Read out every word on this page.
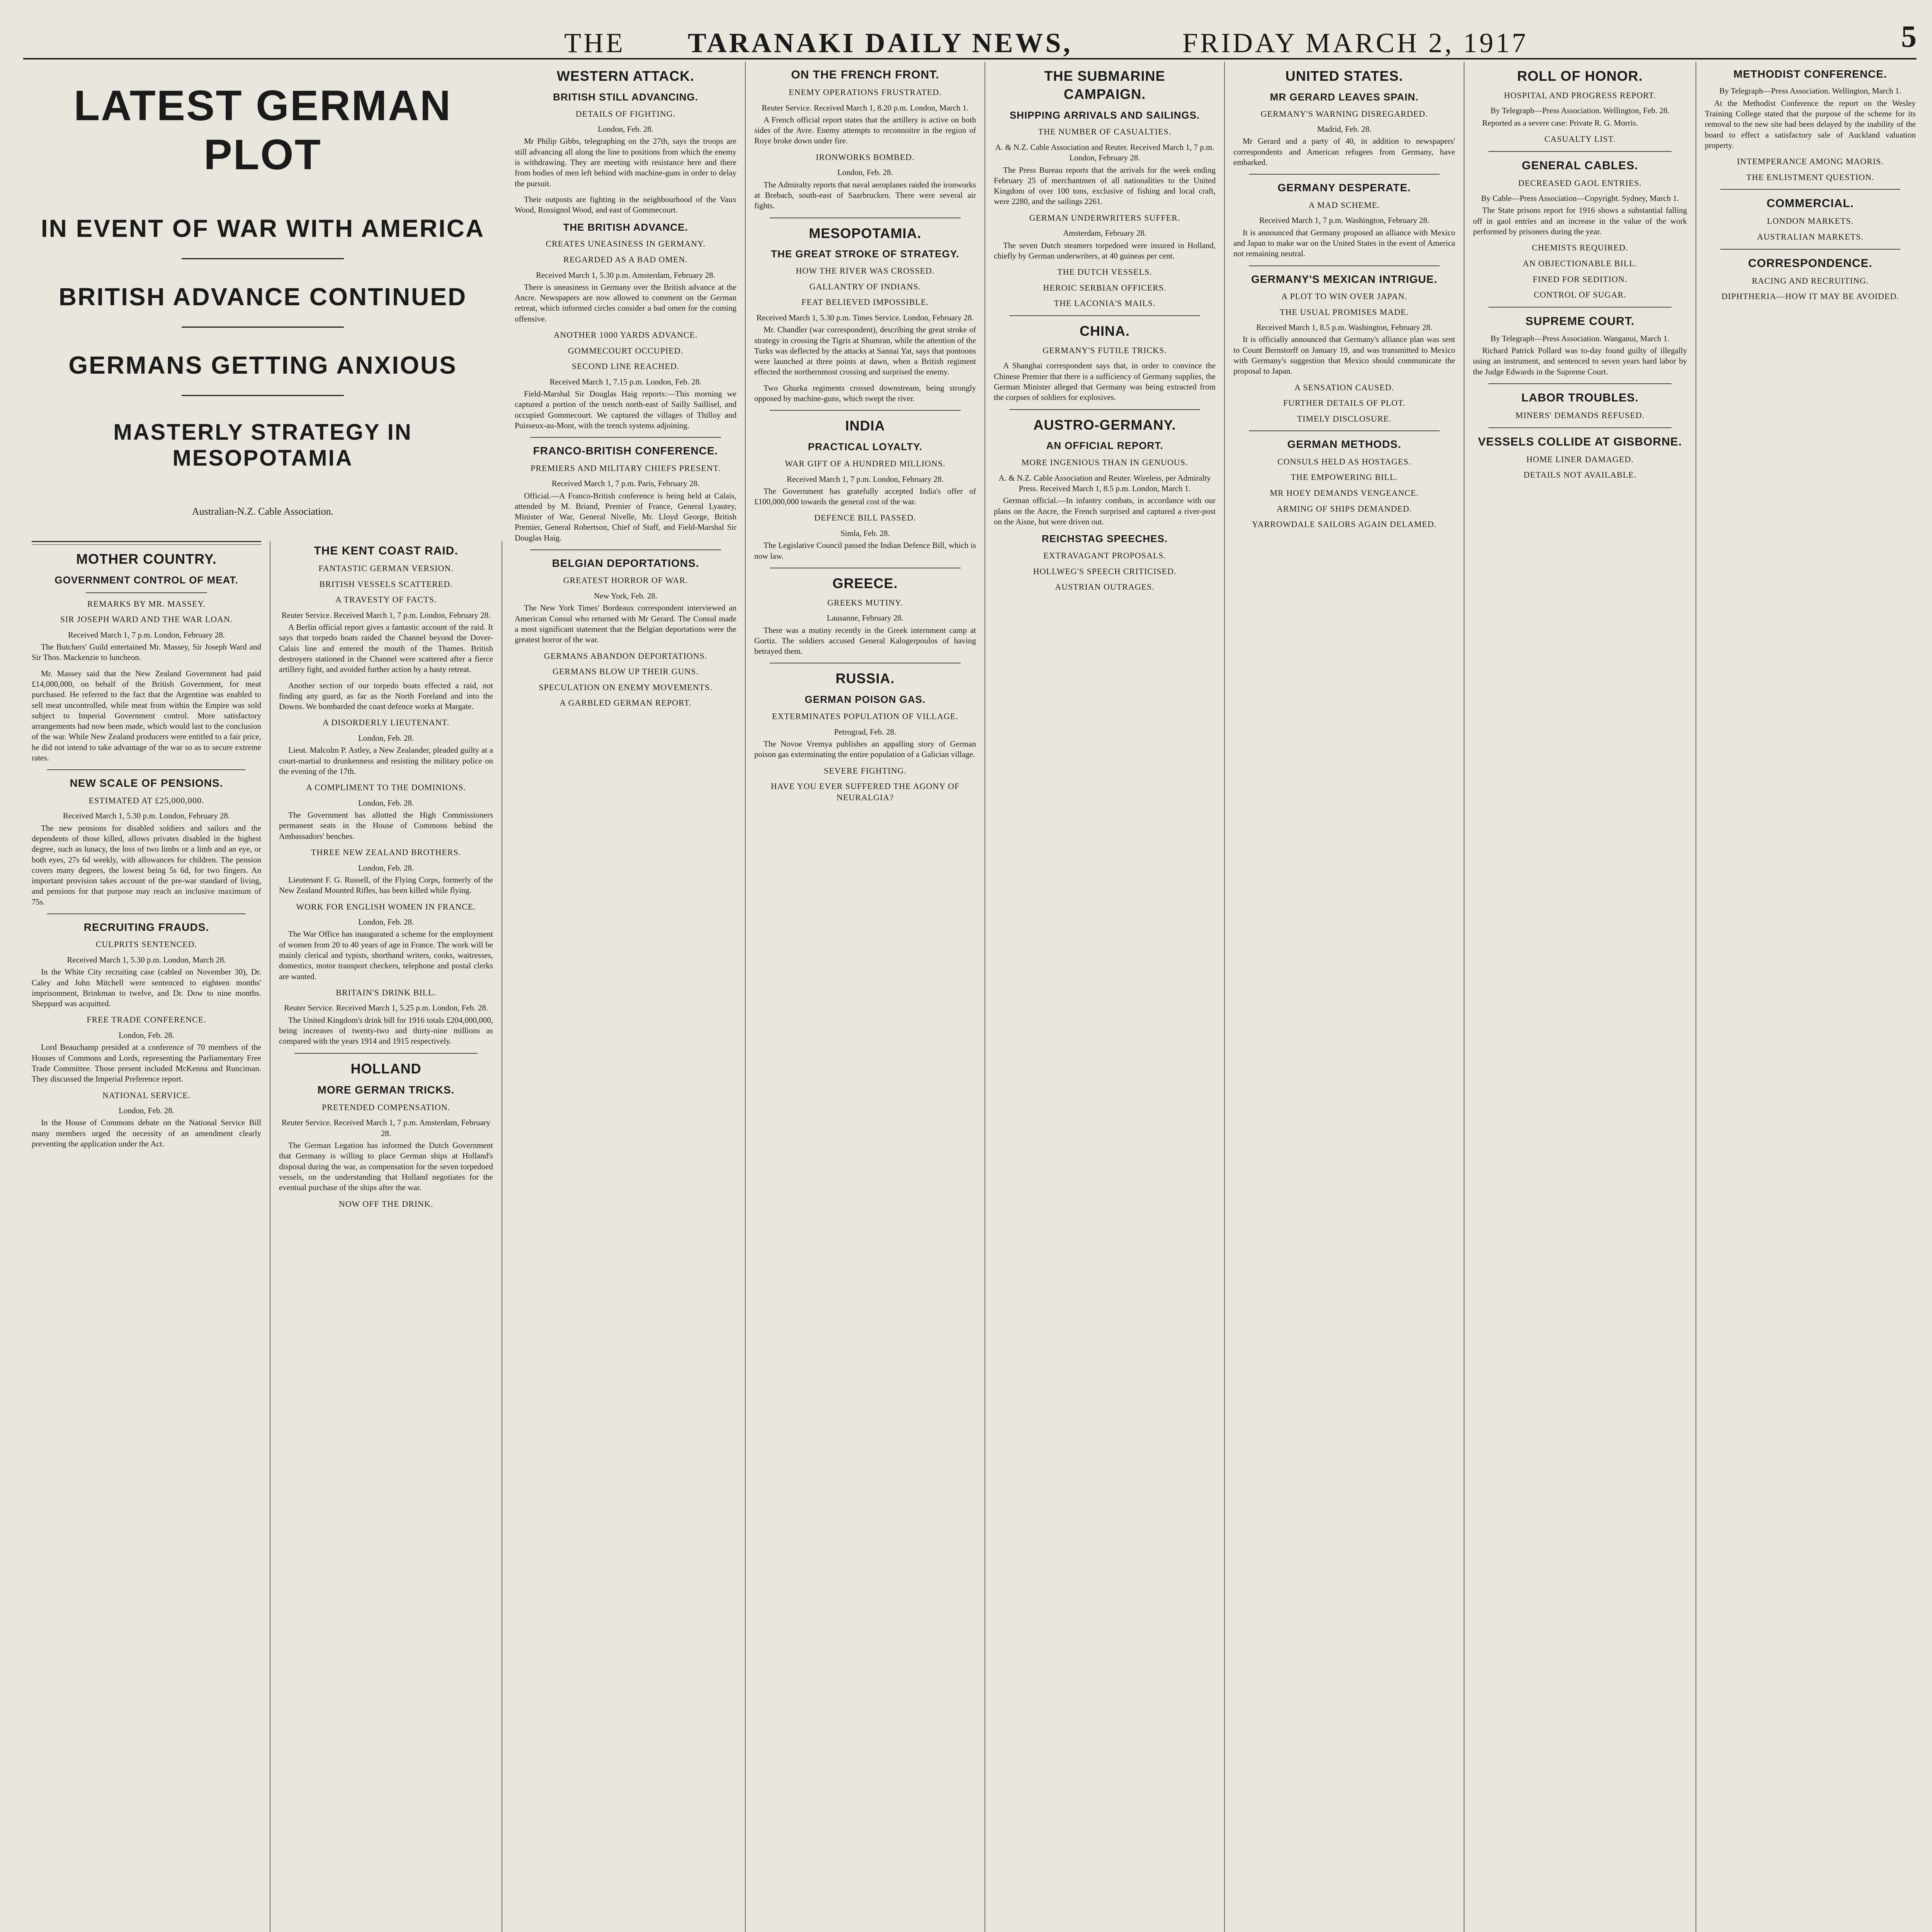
THE TARANAKI DAILY NEWS,	FRIDAY MARCH 2, 1917	5
LATEST GERMAN PLOT
IN EVENT OF WAR WITH AMERICA
BRITISH ADVANCE CONTINUED
GERMANS GETTING ANXIOUS
MASTERLY STRATEGY IN MESOPOTAMIA
Australian-N.Z. Cable Association.
MOTHER COUNTRY.
GOVERNMENT CONTROL OF MEAT.
REMARKS BY MR. MASSEY.
SIR JOSEPH WARD AND THE WAR LOAN.

Received March 1, 7 p.m. London, February 28.

The Butchers' Guild entertained Mr. Massey, Sir Joseph Ward and Sir Thos. Mackenzie to luncheon.

Mr. Massey said that the New Zealand Government had paid £14,000,000, on behalf of the British Government, for meat purchased. He referred to the fact that the Argentine was enabled to sell meat uncontrolled, while meat from within the Empire was sold subject to Imperial Government control. More satisfactory arrangements had now been made, which would last to the conclusion of the war. While New Zealand producers were entitled to a fair price, he did not intend to take advantage of the war so as to secure extreme rates.

NEW SCALE OF PENSIONS.
ESTIMATED AT £25,000,000.

Received March 1, 5.30 p.m. London, February 28.

The new pensions for disabled soldiers and sailors and the dependents of those killed, allows privates disabled in the highest degree, such as lunacy, the loss of two limbs or a limb and an eye, or both eyes, 27s 6d weekly, with allowances for children. The pension covers many degrees, the lowest being 5s 6d, for two fingers. An important provision takes account of the pre-war standard of living, and pensions for that purpose may reach an inclusive maximum of 75s.

RECRUITING FRAUDS.
CULPRITS SENTENCED.

Received March 1, 5.30 p.m. London, March 28.

In the White City recruiting case (cabled on November 30), Dr. Caley and John Mitchell were sentenced to eighteen months' imprisonment, Brinkman to twelve, and Dr. Dow to nine months. Sheppard was acquitted.

FREE TRADE CONFERENCE.

London, Feb. 28.

Lord Beauchamp presided at a conference of 70 members of the Houses of Commons and Lords, representing the Parliamentary Free Trade Committee. Those present included McKenna and Runciman. They discussed the Imperial Preference report.

NATIONAL SERVICE.

London, Feb. 28.

In the House of Commons debate on the National Service Bill many members urged the necessity of an amendment clearly preventing the application under the Act.

THE KENT COAST RAID.
FANTASTIC GERMAN VERSION.
BRITISH VESSELS SCATTERED.
A TRAVESTY OF FACTS.

Reuter Service. Received March 1, 7 p.m. London, February 28.

A Berlin official report gives a fantastic account of the raid. It says that torpedo boats raided the Channel beyond the Dover-Calais line and entered the mouth of the Thames. British destroyers stationed in the Channel were scattered after a fierce artillery fight, and avoided further action by a hasty retreat.

Another section of our torpedo boats effected a raid, not finding any guard, as far as the North Foreland and into the Downs. We bombarded the coast defence works at Margate.

A DISORDERLY LIEUTENANT.

London, Feb. 28.

Lieut. Malcolm P. Astley, a New Zealander, pleaded guilty at a court-martial to drunkenness and resisting the military police on the evening of the 17th.

A COMPLIMENT TO THE DOMINIONS.

London, Feb. 28.

The Government has allotted the High Commissioners permanent seats in the House of Commons behind the Ambassadors' benches.

THREE NEW ZEALAND BROTHERS.

London, Feb. 28.

Lieutenant F. G. Russell, of the Flying Corps, formerly of the New Zealand Mounted Rifles, has been killed while flying.

WORK FOR ENGLISH WOMEN IN FRANCE.

London, Feb. 28.

The War Office has inaugurated a scheme for the employment of women from 20 to 40 years of age in France. The work will be mainly clerical and typists, shorthand writers, cooks, waitresses, domestics, motor transport checkers, telephone and postal clerks are wanted.

BRITAIN'S DRINK BILL.

Reuter Service. Received March 1, 5.25 p.m. London, Feb. 28.

The United Kingdom's drink bill for 1916 totals £204,000,000, being increases of twenty-two and thirty-nine millions as compared with the years 1914 and 1915 respectively.

HOLLAND
MORE GERMAN TRICKS.
PRETENDED COMPENSATION.

Reuter Service. Received March 1, 7 p.m. Amsterdam, February 28.

The German Legation has informed the Dutch Government that Germany is willing to place German ships at Holland's disposal during the war, as compensation for the seven torpedoed vessels, on the understanding that Holland negotiates for the eventual purchase of the ships after the war.

NOW OFF THE DRINK.
WESTERN ATTACK.
BRITISH STILL ADVANCING.
DETAILS OF FIGHTING.

London, Feb. 28.

Mr Philip Gibbs, telegraphing on the 27th, says the troops are still advancing all along the line to positions from which the enemy is withdrawing. They are meeting with resistance here and there from bodies of men left behind with machine-guns in order to delay the pursuit.

Their outposts are fighting in the neighbourhood of the Vaux Wood, Rossignol Wood, and east of Gommecourt.

THE BRITISH ADVANCE.
CREATES UNEASINESS IN GERMANY.
REGARDED AS A BAD OMEN.

Received March 1, 5.30 p.m. Amsterdam, February 28.

There is uneasiness in Germany over the British advance at the Ancre. Newspapers are now allowed to comment on the German retreat, which informed circles consider a bad omen for the coming offensive.

ANOTHER 1000 YARDS ADVANCE.
GOMMECOURT OCCUPIED.
SECOND LINE REACHED.

Received March 1, 7.15 p.m. London, Feb. 28.

Field-Marshal Sir Douglas Haig reports:—This morning we captured a portion of the trench north-east of Sailly Saillisel, and occupied Gommecourt. We captured the villages of Thilloy and Puisseux-au-Mont, with the trench systems adjoining.

FRANCO-BRITISH CONFERENCE.
PREMIERS AND MILITARY CHIEFS PRESENT.

Received March 1, 7 p.m. Paris, February 28.

Official.—A Franco-British conference is being held at Calais, attended by M. Briand, Premier of France, General Lyautey, Minister of War, General Nivelle, Mr. Lloyd George, British Premier, General Robertson, Chief of Staff, and Field-Marshal Sir Douglas Haig.

BELGIAN DEPORTATIONS.
GREATEST HORROR OF WAR.

New York, Feb. 28.

The New York Times' Bordeaux correspondent interviewed an American Consul who returned with Mr Gerard. The Consul made a most significant statement that the Belgian deportations were the greatest horror of the war.

GERMANS ABANDON DEPORTATIONS.
GERMANS BLOW UP THEIR GUNS.
SPECULATION ON ENEMY MOVEMENTS.
A GARBLED GERMAN REPORT.
ON THE FRENCH FRONT.
ENEMY OPERATIONS FRUSTRATED.

Reuter Service. Received March 1, 8.20 p.m. London, March 1.

A French official report states that the artillery is active on both sides of the Avre. Enemy attempts to reconnoitre in the region of Roye broke down under fire.

IRONWORKS BOMBED.

London, Feb. 28.

The Admiralty reports that naval aeroplanes raided the ironworks at Brebach, south-east of Saarbrucken. There were several air fights.

MESOPOTAMIA.
THE GREAT STROKE OF STRATEGY.
HOW THE RIVER WAS CROSSED.
GALLANTRY OF INDIANS.
FEAT BELIEVED IMPOSSIBLE.

Received March 1, 5.30 p.m. Times Service. London, February 28.

Mr. Chandler (war correspondent), describing the great stroke of strategy in crossing the Tigris at Shumran, while the attention of the Turks was deflected by the attacks at Sannai Yat, says that pontoons were launched at three points at dawn, when a British regiment effected the northernmost crossing and surprised the enemy.

Two Ghurka regiments crossed downstream, being strongly opposed by machine-guns, which swept the river.

INDIA
PRACTICAL LOYALTY.
WAR GIFT OF A HUNDRED MILLIONS.

Received March 1, 7 p.m. London, February 28.

The Government has gratefully accepted India's offer of £100,000,000 towards the general cost of the war.

DEFENCE BILL PASSED.

Simla, Feb. 28.

The Legislative Council passed the Indian Defence Bill, which is now law.

GREECE.
GREEKS MUTINY.

Lausanne, February 28.

There was a mutiny recently in the Greek internment camp at Gortiz. The soldiers accused General Kalogerpoulos of having betrayed them.

RUSSIA.
GERMAN POISON GAS.
EXTERMINATES POPULATION OF VILLAGE.

Petrograd, Feb. 28.

The Novoe Vremya publishes an appalling story of German poison gas exterminating the entire population of a Galician village.

SEVERE FIGHTING.
HAVE YOU EVER SUFFERED THE AGONY OF NEURALGIA?
THE SUBMARINE
CAMPAIGN.
SHIPPING ARRIVALS AND SAILINGS.
THE NUMBER OF CASUALTIES.

A. & N.Z. Cable Association and Reuter. Received March 1, 7 p.m. London, February 28.

The Press Bureau reports that the arrivals for the week ending February 25 of merchantmen of all nationalities to the United Kingdom of over 100 tons, exclusive of fishing and local craft, were 2280, and the sailings 2261.

GERMAN UNDERWRITERS SUFFER.

Amsterdam, February 28.

The seven Dutch steamers torpedoed were insured in Holland, chiefly by German underwriters, at 40 guineas per cent.

THE DUTCH VESSELS.
HEROIC SERBIAN OFFICERS.
THE LACONIA'S MAILS.
CHINA.
GERMANY'S FUTILE TRICKS.

A Shanghai correspondent says that, in order to convince the Chinese Premier that there is a sufficiency of Germany supplies, the German Minister alleged that Germany was being extracted from the corpses of soldiers for explosives.

AUSTRO-GERMANY.
AN OFFICIAL REPORT.
MORE INGENIOUS THAN IN GENUOUS.

A. & N.Z. Cable Association and Reuter. Wireless, per Admiralty Press. Received March 1, 8.5 p.m. London, March 1.

German official.—In infantry combats, in accordance with our plans on the Ancre, the French surprised and captured a river-post on the Aisne, but were driven out.

REICHSTAG SPEECHES.
EXTRAVAGANT PROPOSALS.
HOLLWEG'S SPEECH CRITICISED.
AUSTRIAN OUTRAGES.
UNITED STATES.
MR GERARD LEAVES SPAIN.
GERMANY'S WARNING DISREGARDED.

Madrid, Feb. 28.

Mr Gerard and a party of 40, in addition to newspapers' correspondents and American refugees from Germany, have embarked.

GERMANY DESPERATE.
A MAD SCHEME.

Received March 1, 7 p.m. Washington, February 28.

It is announced that Germany proposed an alliance with Mexico and Japan to make war on the United States in the event of America not remaining neutral.

GERMANY'S MEXICAN INTRIGUE.
A PLOT TO WIN OVER JAPAN.
THE USUAL PROMISES MADE.

Received March 1, 8.5 p.m. Washington, February 28.

It is officially announced that Germany's alliance plan was sent to Count Bernstorff on January 19, and was transmitted to Mexico with Germany's suggestion that Mexico should communicate the proposal to Japan.

A SENSATION CAUSED.
FURTHER DETAILS OF PLOT.
TIMELY DISCLOSURE.
GERMAN METHODS.
CONSULS HELD AS HOSTAGES.
THE EMPOWERING BILL.
MR HOEY DEMANDS VENGEANCE.
ARMING OF SHIPS DEMANDED.
YARROWDALE SAILORS AGAIN DELAMED.
ROLL OF HONOR.
HOSPITAL AND PROGRESS REPORT.

By Telegraph—Press Association. Wellington, Feb. 28.

Reported as a severe case: Private R. G. Morris.

CASUALTY LIST.
GENERAL CABLES.
DECREASED GAOL ENTRIES.

By Cable—Press Association—Copyright. Sydney, March 1.

The State prisons report for 1916 shows a substantial falling off in gaol entries and an increase in the value of the work performed by prisoners during the year.

CHEMISTS REQUIRED.
AN OBJECTIONABLE BILL.
FINED FOR SEDITION.
CONTROL OF SUGAR.
SUPREME COURT.

By Telegraph—Press Association. Wanganui, March 1.

Richard Patrick Pollard was to-day found guilty of illegally using an instrument, and sentenced to seven years hard labor by the Judge Edwards in the Supreme Court.

LABOR TROUBLES.
MINERS' DEMANDS REFUSED.
VESSELS COLLIDE AT GISBORNE.
HOME LINER DAMAGED.
DETAILS NOT AVAILABLE.
METHODIST CONFERENCE.

By Telegraph—Press Association. Wellington, March 1.

At the Methodist Conference the report on the Wesley Training College stated that the purpose of the scheme for its removal to the new site had been delayed by the inability of the board to effect a satisfactory sale of Auckland valuation property.

INTEMPERANCE AMONG MAORIS.
THE ENLISTMENT QUESTION.
COMMERCIAL.
LONDON MARKETS.
AUSTRALIAN MARKETS.
CORRESPONDENCE.
RACING AND RECRUITING.
DIPHTHERIA—HOW IT MAY BE AVOIDED.
